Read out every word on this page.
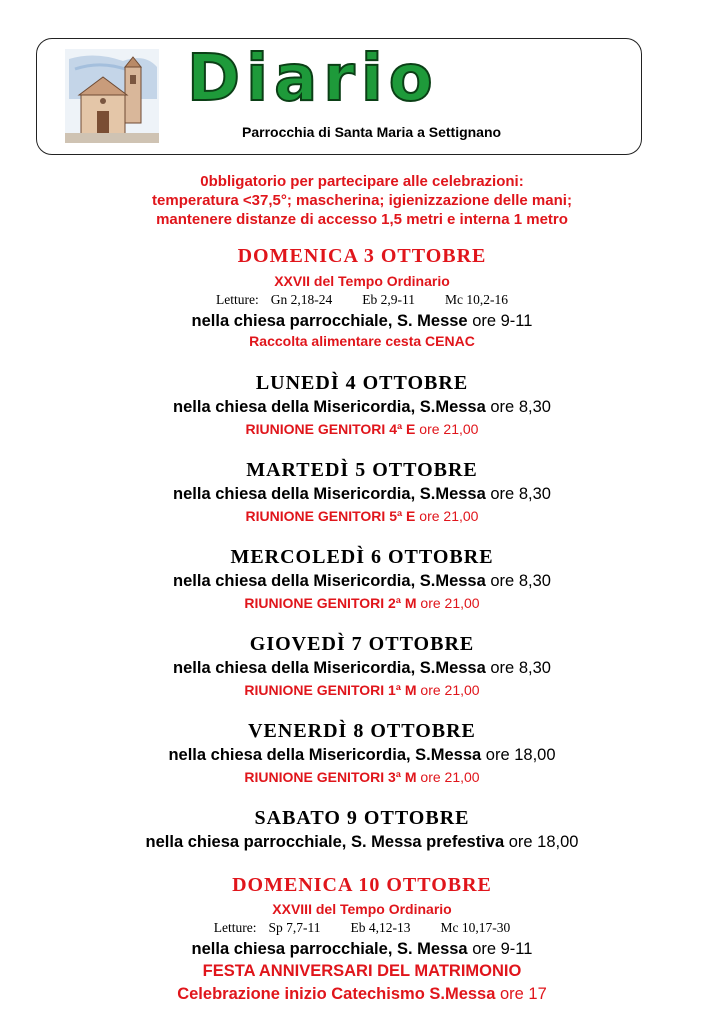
Diario
Parrocchia di Santa Maria a Settignano
0bbligatorio per partecipare alle celebrazioni:
temperatura <37,5°; mascherina; igienizzazione delle mani;
mantenere distanze di accesso 1,5 metri e interna 1 metro
DOMENICA 3 OTTOBRE
XXVII del Tempo Ordinario
Letture: Gn 2,18-24 Eb 2,9-11 Mc 10,2-16
nella chiesa parrocchiale, S. Messe ore 9-11
Raccolta alimentare cesta CENAC
LUNEDÌ 4 OTTOBRE
nella chiesa della Misericordia, S.Messa ore 8,30
RIUNIONE GENITORI 4ª E ore 21,00
MARTEDÌ 5 OTTOBRE
nella chiesa della Misericordia, S.Messa ore 8,30
RIUNIONE GENITORI 5ª E ore 21,00
MERCOLEDÌ 6 OTTOBRE
nella chiesa della Misericordia, S.Messa ore 8,30
RIUNIONE GENITORI 2ª M ore 21,00
GIOVEDÌ 7 OTTOBRE
nella chiesa della Misericordia, S.Messa ore 8,30
RIUNIONE GENITORI 1ª M ore 21,00
VENERDÌ 8 OTTOBRE
nella chiesa della Misericordia, S.Messa ore 18,00
RIUNIONE GENITORI 3ª M ore 21,00
SABATO 9 OTTOBRE
nella chiesa parrocchiale, S. Messa prefestiva ore 18,00
DOMENICA 10 OTTOBRE
XXVIII del Tempo Ordinario
Letture: Sp 7,7-11 Eb 4,12-13 Mc 10,17-30
nella chiesa parrocchiale, S. Messa ore 9-11
FESTA ANNIVERSARI DEL MATRIMONIO
Celebrazione inizio Catechismo S.Messa ore 17
